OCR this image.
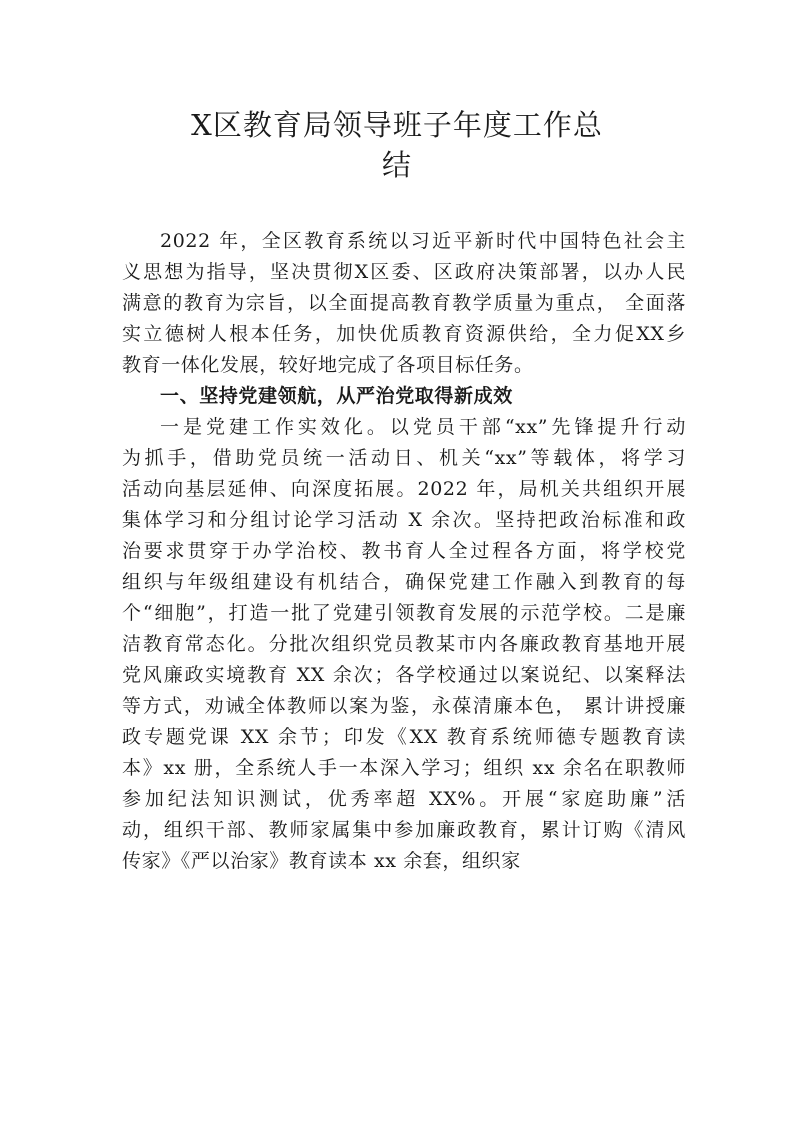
X区教育局领导班子年度工作总
结
2022 年，全区教育系统以习近平新时代中国特色社会主
义思想为指导，坚决贯彻X区委、区政府决策部署，以办人民
满意的教育为宗旨，以全面提高教育教学质量为重点， 全面落
实立德树人根本任务，加快优质教育资源供给，全力促XX乡
教育一体化发展，较好地完成了各项目标任务。
一、坚持党建领航，从严治党取得新成效
一是党建工作实效化。以党员干部“xx”先锋提升行动
为抓手，借助党员统一活动日、机关“xx”等载体，将学习
活动向基层延伸、向深度拓展。2022 年，局机关共组织开展
集体学习和分组讨论学习活动 X 余次。坚持把政治标准和政
治要求贯穿于办学治校、教书育人全过程各方面，将学校党
组织与年级组建设有机结合，确保党建工作融入到教育的每
个“细胞”，打造一批了党建引领教育发展的示范学校。二是廉
洁教育常态化。分批次组织党员教某市内各廉政教育基地开展
党风廉政实境教育 XX 余次；各学校通过以案说纪、以案释法
等方式，劝诫全体教师以案为鉴，永葆清廉本色， 累计讲授廉
政专题党课 XX 余节；印发《XX 教育系统师德专题教育读
本》xx 册，全系统人手一本深入学习；组织 xx 余名在职教师
参加纪法知识测试，优秀率超 XX%。开展“家庭助廉”活
动，组织干部、教师家属集中参加廉政教育，累计订购《清风
传家》《严以治家》教育读本 xx 余套，组织家
